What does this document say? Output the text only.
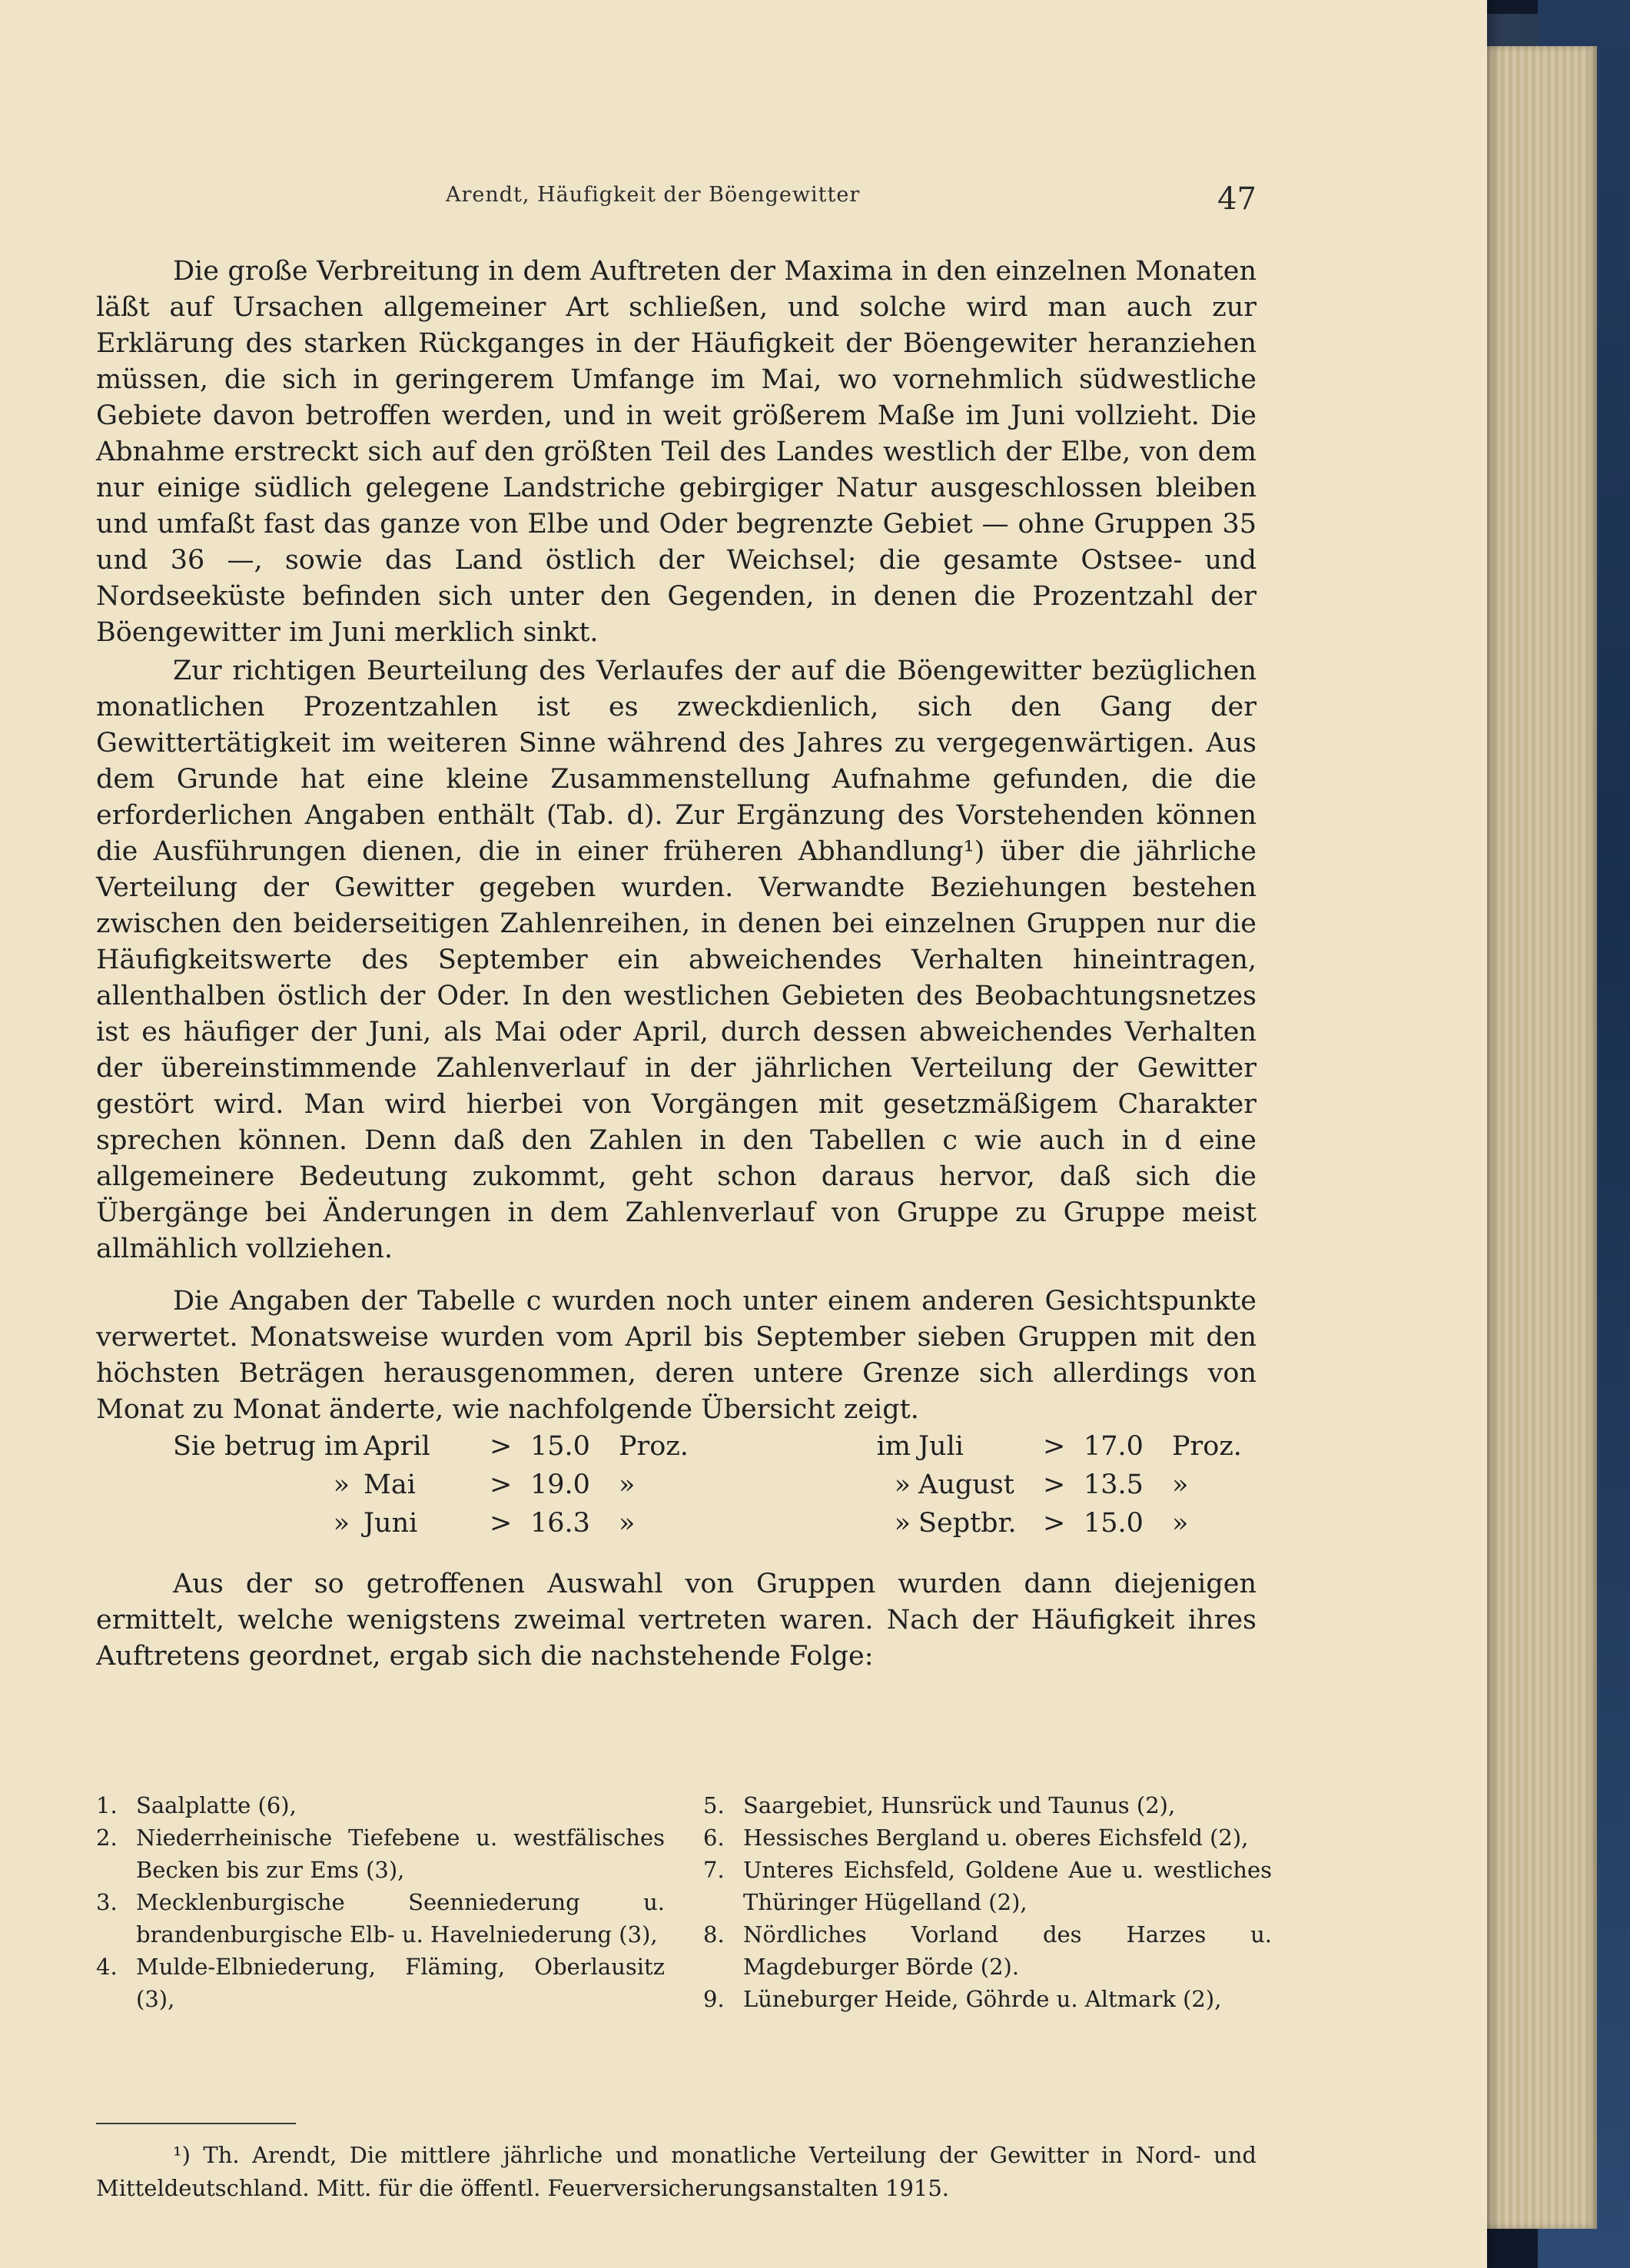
Arendt, Häufigkeit der Böengewitter	47

Die große Verbreitung in dem Auftreten der Maxima in den einzelnen Monaten läßt auf Ursachen allgemeiner Art schließen, und solche wird man auch zur Erklärung des starken Rückganges in der Häufigkeit der Böengewiter heranziehen müssen, die sich in geringerem Umfange im Mai, wo vornehmlich südwestliche Gebiete davon betroffen werden, und in weit größerem Maße im Juni vollzieht. Die Abnahme erstreckt sich auf den größten Teil des Landes westlich der Elbe, von dem nur einige südlich gelegene Landstriche gebirgiger Natur ausgeschlossen bleiben und umfaßt fast das ganze von Elbe und Oder begrenzte Gebiet — ohne Gruppen 35 und 36 —, sowie das Land östlich der Weichsel; die gesamte Ostsee- und Nordseeküste befinden sich unter den Gegenden, in denen die Prozentzahl der Böengewitter im Juni merklich sinkt.

Zur richtigen Beurteilung des Verlaufes der auf die Böengewitter bezüglichen monatlichen Prozentzahlen ist es zweckdienlich, sich den Gang der Gewittertätigkeit im weiteren Sinne während des Jahres zu vergegenwärtigen. Aus dem Grunde hat eine kleine Zusammenstellung Aufnahme gefunden, die die erforderlichen Angaben enthält (Tab. d). Zur Ergänzung des Vorstehenden können die Ausführungen dienen, die in einer früheren Abhandlung¹) über die jährliche Verteilung der Gewitter gegeben wurden. Verwandte Beziehungen bestehen zwischen den beiderseitigen Zahlenreihen, in denen bei einzelnen Gruppen nur die Häufigkeitswerte des September ein abweichendes Verhalten hineintragen, allenthalben östlich der Oder. In den westlichen Gebieten des Beobachtungsnetzes ist es häufiger der Juni, als Mai oder April, durch dessen abweichendes Verhalten der übereinstimmende Zahlenverlauf in der jährlichen Verteilung der Gewitter gestört wird. Man wird hierbei von Vorgängen mit gesetzmäßigem Charakter sprechen können. Denn daß den Zahlen in den Tabellen c wie auch in d eine allgemeinere Bedeutung zukommt, geht schon daraus hervor, daß sich die Übergänge bei Änderungen in dem Zahlenverlauf von Gruppe zu Gruppe meist allmählich vollziehen.

Die Angaben der Tabelle c wurden noch unter einem anderen Gesichtspunkte verwertet. Monatsweise wurden vom April bis September sieben Gruppen mit den höchsten Beträgen herausgenommen, deren untere Grenze sich allerdings von Monat zu Monat änderte, wie nachfolgende Übersicht zeigt.

Sie betrug im April	> 15.0	Proz.	im Juli	> 17.0	Proz.
» Mai	> 19.0	»	» August	> 13.5	»
» Juni	> 16.3	»	» Septbr. > 15.0	»

Aus der so getroffenen Auswahl von Gruppen wurden dann diejenigen ermittelt, welche wenigstens zweimal vertreten waren. Nach der Häufigkeit ihres Auftretens geordnet, ergab sich die nachstehende Folge:

1. Saalplatte (6),

2. Niederrheinische Tiefebene u. westfälisches Becken bis zur Ems (3),

3. Mecklenburgische Seenniederung u. brandenburgische Elb- u. Havelniederung (3),

4. Mulde-Elbniederung, Fläming, Oberlausitz (3),

5. Saargebiet, Hunsrück und Taunus (2),

6. Hessisches Bergland u. oberes Eichsfeld (2),

7. Unteres Eichsfeld, Goldene Aue u. westliches Thüringer Hügelland (2),

8. Nördliches Vorland des Harzes u. Magdeburger Börde (2).

9. Lüneburger Heide, Göhrde u. Altmark (2),

¹) Th. Arendt, Die mittlere jährliche und monatliche Verteilung der Gewitter in Nord- und Mitteldeutschland. Mitt. für die öffentl. Feuerversicherungsanstalten 1915.
